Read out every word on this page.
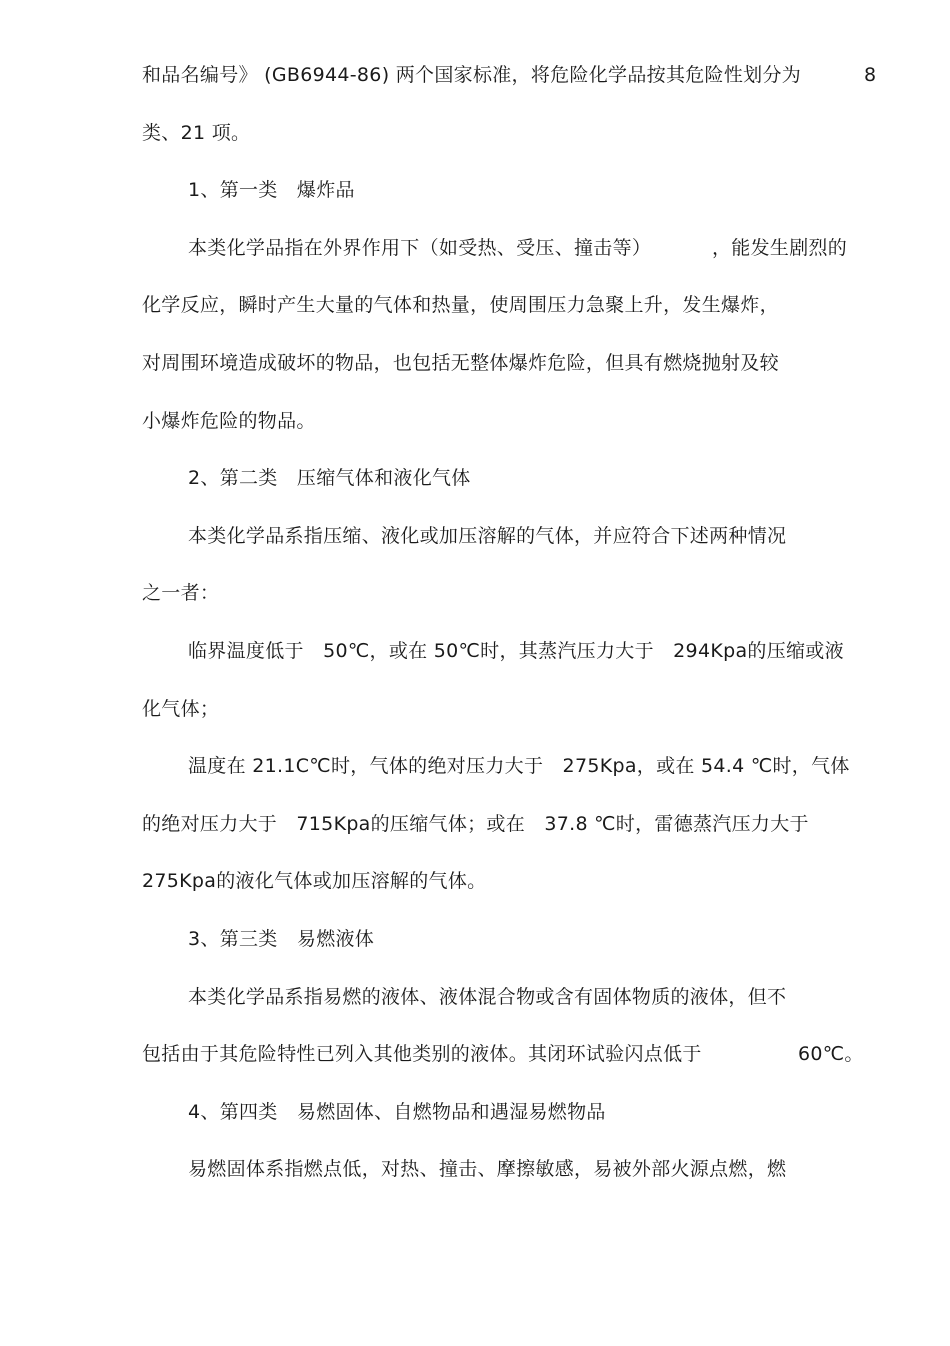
和品名编号》 (GB6944-86) 两个国家标准，将危险化学品按其危险性划分为	8
类、21 项。
1、第一类　爆炸品
本类化学品指在外界作用下（如受热、受压、撞击等）	，能发生剧烈的
化学反应，瞬时产生大量的气体和热量，使周围压力急聚上升，发生爆炸，
对周围环境造成破坏的物品，也包括无整体爆炸危险，但具有燃烧抛射及较
小爆炸危险的物品。
2、第二类　压缩气体和液化气体
本类化学品系指压缩、液化或加压溶解的气体，并应符合下述两种情况
之一者：
临界温度低于　50℃，或在 50℃时，其蒸汽压力大于　294Kpa的压缩或液
化气体；
温度在 21.1C℃时，气体的绝对压力大于　275Kpa，或在 54.4 ℃时，气体
的绝对压力大于　715Kpa的压缩气体；或在　37.8 ℃时，雷德蒸汽压力大于
275Kpa的液化气体或加压溶解的气体。
3、第三类　易燃液体
本类化学品系指易燃的液体、液体混合物或含有固体物质的液体，但不
包括由于其危险特性已列入其他类别的液体。其闭环试验闪点低于	60℃。
4、第四类　易燃固体、自燃物品和遇湿易燃物品
易燃固体系指燃点低，对热、撞击、摩擦敏感，易被外部火源点燃，燃
